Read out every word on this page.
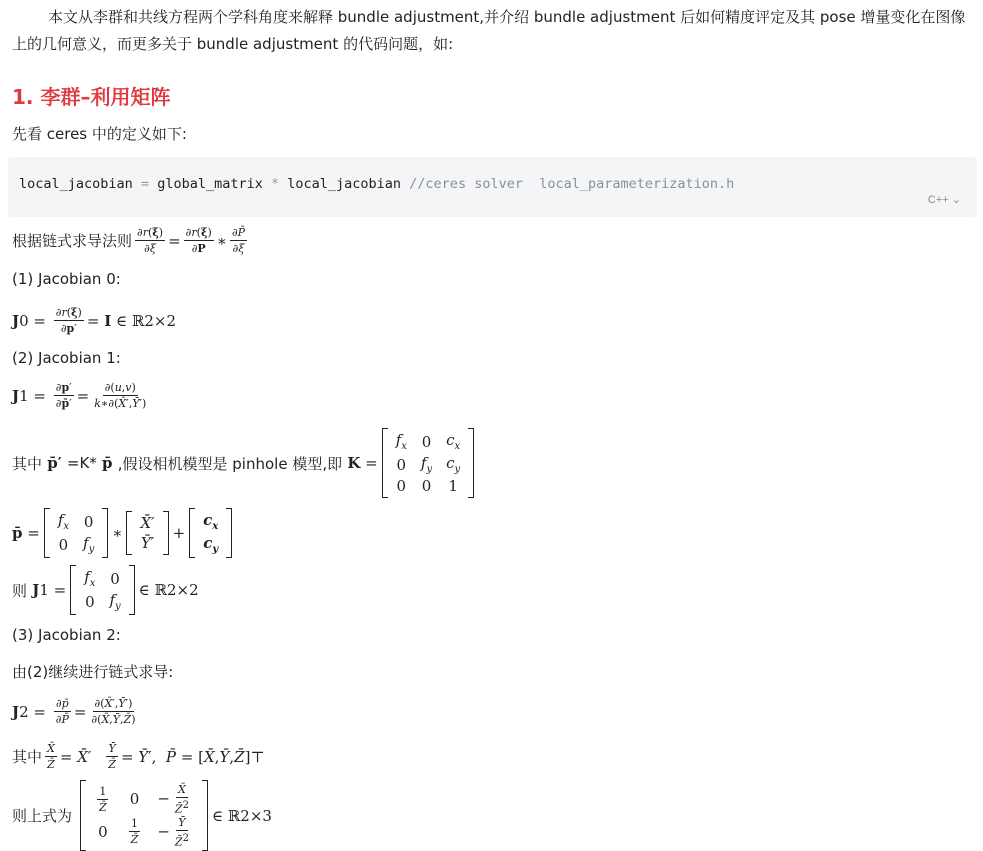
本文从李群和共线方程两个学科角度来解释 bundle adjustment,并介绍 bundle adjustment 后如何精度评定及其 pose 增量变化在图像上的几何意义，而更多关于 bundle adjustment 的代码问题，如:
1. 李群–利用矩阵
先看 ceres 中的定义如下:
local_jacobian = global_matrix * local_jacobian //ceres solver  local_parameterization.h
C++ ⌄
根据链式求导法则 $\frac{\partial r(\xi)}{\partial\xi} = \frac{\partial r(\xi)}{\partial P}$ ∗ $\frac{\partial P̄}{\partial\xi}$
(1) Jacobian 0:
J $0 = \frac{\partial r(\xi)}{\partial p'} = I$ ∈ ℝ 2×2
(2) Jacobian 1:
J $1 = \frac{\partial p'}{\partial p̄'} = \frac{\partial(u,v)}{k∗\partial(X̄',Ȳ')}$
其中 p̄′ =K* p̄ ,假设相机模型是 pinhole 模型,即 K =
$f_x$ 0 $c_x$
0 $f_y$ $c_y$
0 0 1
p̄ =
$f_x$ 0
0 $f_y$
∗
X̄′
Ȳ′
+
$c_x$
$c_y$
则 J 1 =
$f_x$ 0
0 $f_y$
∈ ℝ 2×2
(3) Jacobian 2:
由(2)继续进行链式求导:
J $2 = \frac{\partial p̄}{\partial P̄} = \frac{\partial(X̄',Ȳ')}{\partial(X̄,Ȳ,Z̄)}$
其中 $\frac{X̄}{Z̄}$ = X̄′ $\frac{Ȳ}{Z̄}$ = Ȳ′,  P̄ = [X̄,Ȳ,Z̄] ⊤
则上式为
$\frac{1}{Z̄} 0 - \frac{X̄}{Z̄^2}$
0	$\frac{1}{Z̄} - \frac{Ȳ}{Z̄^2}$ ∈ ℝ 2×3
